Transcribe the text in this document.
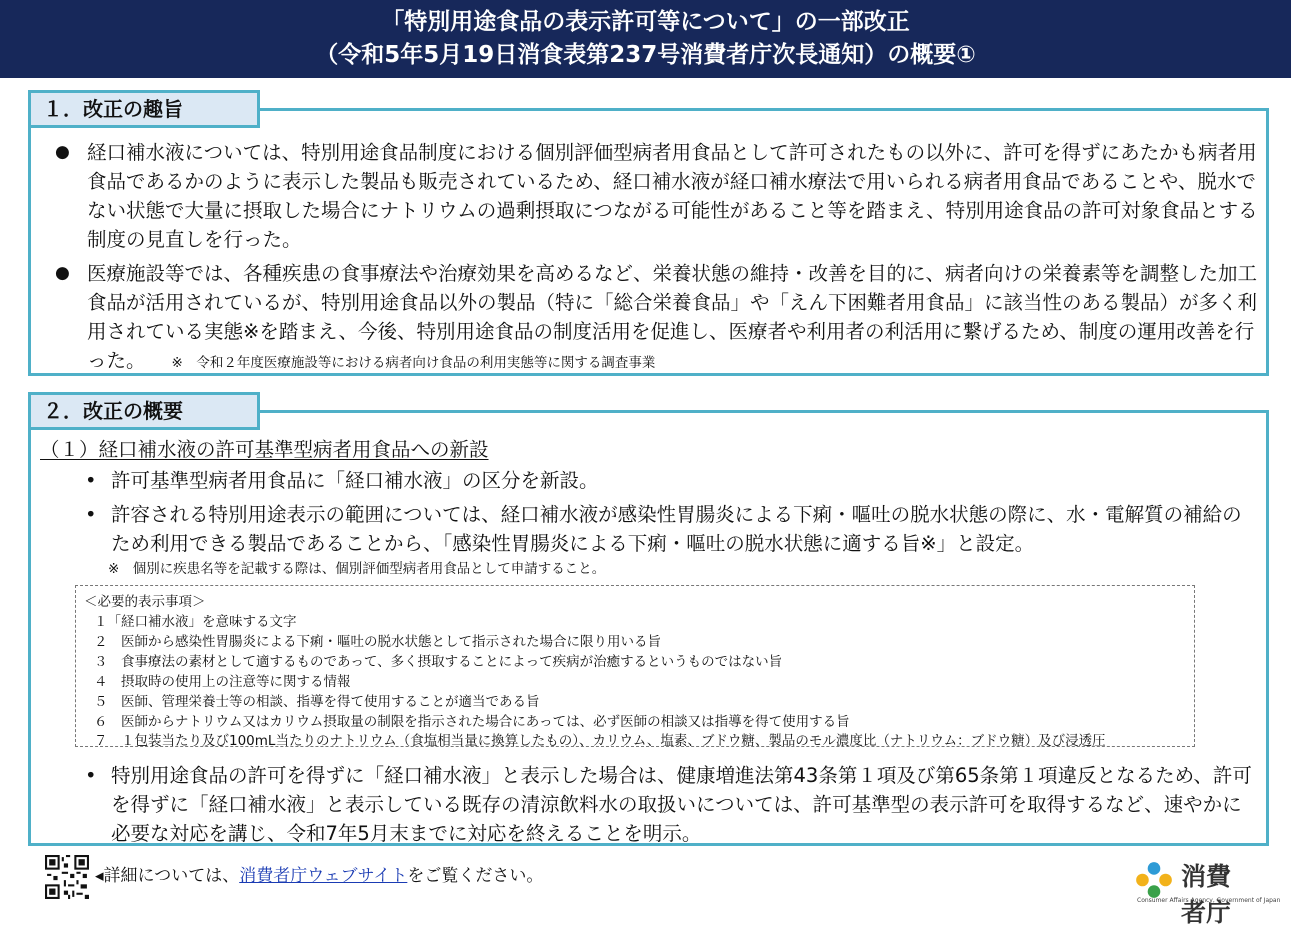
「特別用途食品の表示許可等について」の一部改正
（令和5年5月19日消食表第237号消費者庁次長通知）の概要①
１．改正の趣旨
● 経口補水液については、特別用途食品制度における個別評価型病者用食品として許可されたもの以外に、許可を得ずにあたかも病者用食品であるかのように表示した製品も販売されているため、経口補水液が経口補水療法で用いられる病者用食品であることや、脱水でない状態で大量に摂取した場合にナトリウムの過剰摂取につながる可能性があること等を踏まえ、特別用途食品の許可対象食品とする制度の見直しを行った。
● 医療施設等では、各種疾患の食事療法や治療効果を高めるなど、栄養状態の維持・改善を目的に、病者向けの栄養素等を調整した加工食品が活用されているが、特別用途食品以外の製品（特に「総合栄養食品」や「えん下困難者用食品」に該当性のある製品）が多く利用されている実態※を踏まえ、今後、特別用途食品の制度活用を促進し、医療者や利用者の利活用に繋げるため、制度の運用改善を行った。 ※　令和２年度医療施設等における病者向け食品の利用実態等に関する調査事業
２．改正の概要
（１）経口補水液の許可基準型病者用食品への新設
• 許可基準型病者用食品に「経口補水液」の区分を新設。
• 許容される特別用途表示の範囲については、経口補水液が感染性胃腸炎による下痢・嘔吐の脱水状態の際に、水・電解質の補給のため利用できる製品であることから、「感染性胃腸炎による下痢・嘔吐の脱水状態に適する旨※」と設定。
※　個別に疾患名等を記載する際は、個別評価型病者用食品として申請すること。
＜必要的表示事項＞
１「経口補水液」を意味する文字
２　医師から感染性胃腸炎による下痢・嘔吐の脱水状態として指示された場合に限り用いる旨
３　食事療法の素材として適するものであって、多く摂取することによって疾病が治癒するというものではない旨
４　摂取時の使用上の注意等に関する情報
５　医師、管理栄養士等の相談、指導を得て使用することが適当である旨
６　医師からナトリウム又はカリウム摂取量の制限を指示された場合にあっては、必ず医師の相談又は指導を得て使用する旨
７　１包装当たり及び100mL当たりのナトリウム（食塩相当量に換算したもの）、カリウム、塩素、ブドウ糖、製品のモル濃度比（ナトリウム：ブドウ糖）及び浸透圧
• 特別用途食品の許可を得ずに「経口補水液」と表示した場合は、健康増進法第43条第１項及び第65条第１項違反となるため、許可を得ずに「経口補水液」と表示している既存の清涼飲料水の取扱いについては、許可基準型の表示許可を取得するなど、速やかに必要な対応を講じ、令和7年5月末までに対応を終えることを明示。
◂詳細については、消費者庁ウェブサイトをご覧ください。	消費者庁
Consumer Affairs Agency, Government of Japan
